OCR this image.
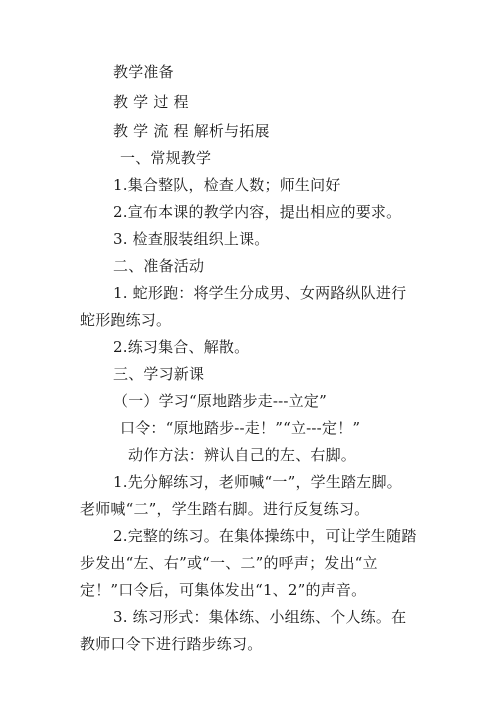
教学准备
教 学 过 程
教 学 流 程 解析与拓展
一、常规教学
1.集合整队，检查人数；师生问好
2.宣布本课的教学内容，提出相应的要求。
3. 检查服装组织上课。
二、准备活动
1. 蛇形跑：将学生分成男、女两路纵队进行
蛇形跑练习。
2.练习集合、解散。
三、学习新课
（一）学习“原地踏步走---立定”
口令：“原地踏步--走！”“立---定！”
动作方法：辨认自己的左、右脚。
1.先分解练习，老师喊“一”，学生踏左脚。
老师喊“二”，学生踏右脚。进行反复练习。
2.完整的练习。在集体操练中，可让学生随踏
步发出“左、右”或“一、二”的呼声；发出“立
定！”口令后，可集体发出“1、2”的声音。
3. 练习形式：集体练、小组练、个人练。在
教师口令下进行踏步练习。
